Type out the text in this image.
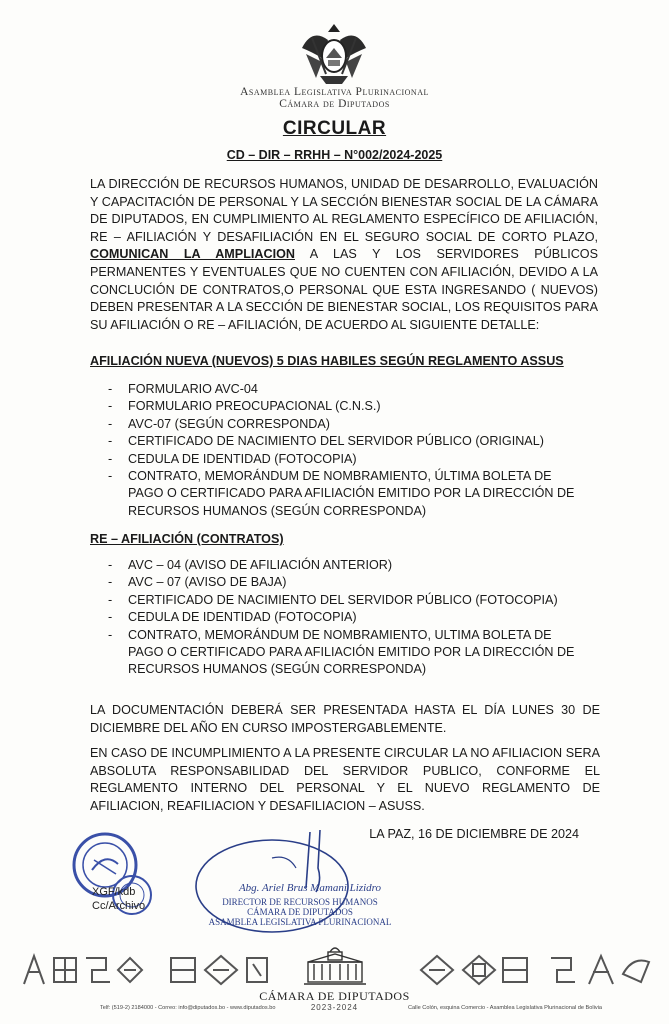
Asamblea Legislativa Plurinacional
Cámara de Diputados
CIRCULAR
CD – DIR – RRHH – N°002/2024-2025
LA DIRECCIÓN DE RECURSOS HUMANOS, UNIDAD DE DESARROLLO, EVALUACIÓN Y CAPACITACIÓN DE PERSONAL Y LA SECCIÓN BIENESTAR SOCIAL DE LA CÁMARA DE DIPUTADOS, EN CUMPLIMIENTO AL REGLAMENTO ESPECÍFICO DE AFILIACIÓN, RE – AFILIACIÓN Y DESAFILIACIÓN EN EL SEGURO SOCIAL DE CORTO PLAZO, COMUNICAN LA AMPLIACION A LAS Y LOS SERVIDORES PÚBLICOS PERMANENTES Y EVENTUALES QUE NO CUENTEN CON AFILIACIÓN, DEVIDO A LA CONCLUCIÓN DE CONTRATOS,O PERSONAL QUE ESTA INGRESANDO ( NUEVOS) DEBEN PRESENTAR A LA SECCIÓN DE BIENESTAR SOCIAL, LOS REQUISITOS PARA SU AFILIACIÓN O RE – AFILIACIÓN, DE ACUERDO AL SIGUIENTE DETALLE:
AFILIACIÓN NUEVA (NUEVOS) 5 DIAS HABILES SEGÚN REGLAMENTO ASSUS
- FORMULARIO AVC-04
- FORMULARIO PREOCUPACIONAL (C.N.S.)
- AVC-07 (SEGÚN CORRESPONDA)
- CERTIFICADO DE NACIMIENTO DEL SERVIDOR PÚBLICO (ORIGINAL)
- CEDULA DE IDENTIDAD (FOTOCOPIA)
- CONTRATO, MEMORÁNDUM DE NOMBRAMIENTO, ÚLTIMA BOLETA DE PAGO O CERTIFICADO PARA AFILIACIÓN EMITIDO POR LA DIRECCIÓN DE RECURSOS HUMANOS (SEGÚN CORRESPONDA)
RE – AFILIACIÓN (CONTRATOS)
- AVC – 04 (AVISO DE AFILIACIÓN ANTERIOR)
- AVC – 07 (AVISO DE BAJA)
- CERTIFICADO DE NACIMIENTO DEL SERVIDOR PÚBLICO (FOTOCOPIA)
- CEDULA DE IDENTIDAD (FOTOCOPIA)
- CONTRATO, MEMORÁNDUM DE NOMBRAMIENTO, ULTIMA BOLETA DE PAGO O CERTIFICADO PARA AFILIACIÓN EMITIDO POR LA DIRECCIÓN DE RECURSOS HUMANOS (SEGÚN CORRESPONDA)
LA DOCUMENTACIÓN DEBERÁ SER PRESENTADA HASTA EL DÍA LUNES 30 DE DICIEMBRE DEL AÑO EN CURSO IMPOSTERGABLEMENTE.
EN CASO DE INCUMPLIMIENTO A LA PRESENTE CIRCULAR LA NO AFILIACION SERA ABSOLUTA RESPONSABILIDAD DEL SERVIDOR PUBLICO, CONFORME EL REGLAMENTO INTERNO DEL PERSONAL Y EL NUEVO REGLAMENTO DE AFILIACION, REAFILIACION Y DESAFILIACION – ASUSS.
LA PAZ, 16 DE DICIEMBRE DE 2024
XGF/kdb
Cc/Archivo
Abg. Ariel Brus Mamani Lizidro
DIRECTOR DE RECURSOS HUMANOS
CÁMARA DE DIPUTADOS
ASAMBLEA LEGISLATIVA PLURINACIONAL
CÁMARA DE DIPUTADOS
2023-2024
Telf: (519-2) 2184000 - Correo: info@diputados.bo - www.diputados.bo	Calle Colón, esquina Comercio - Asamblea Legislativa Plurinacional de Bolivia
